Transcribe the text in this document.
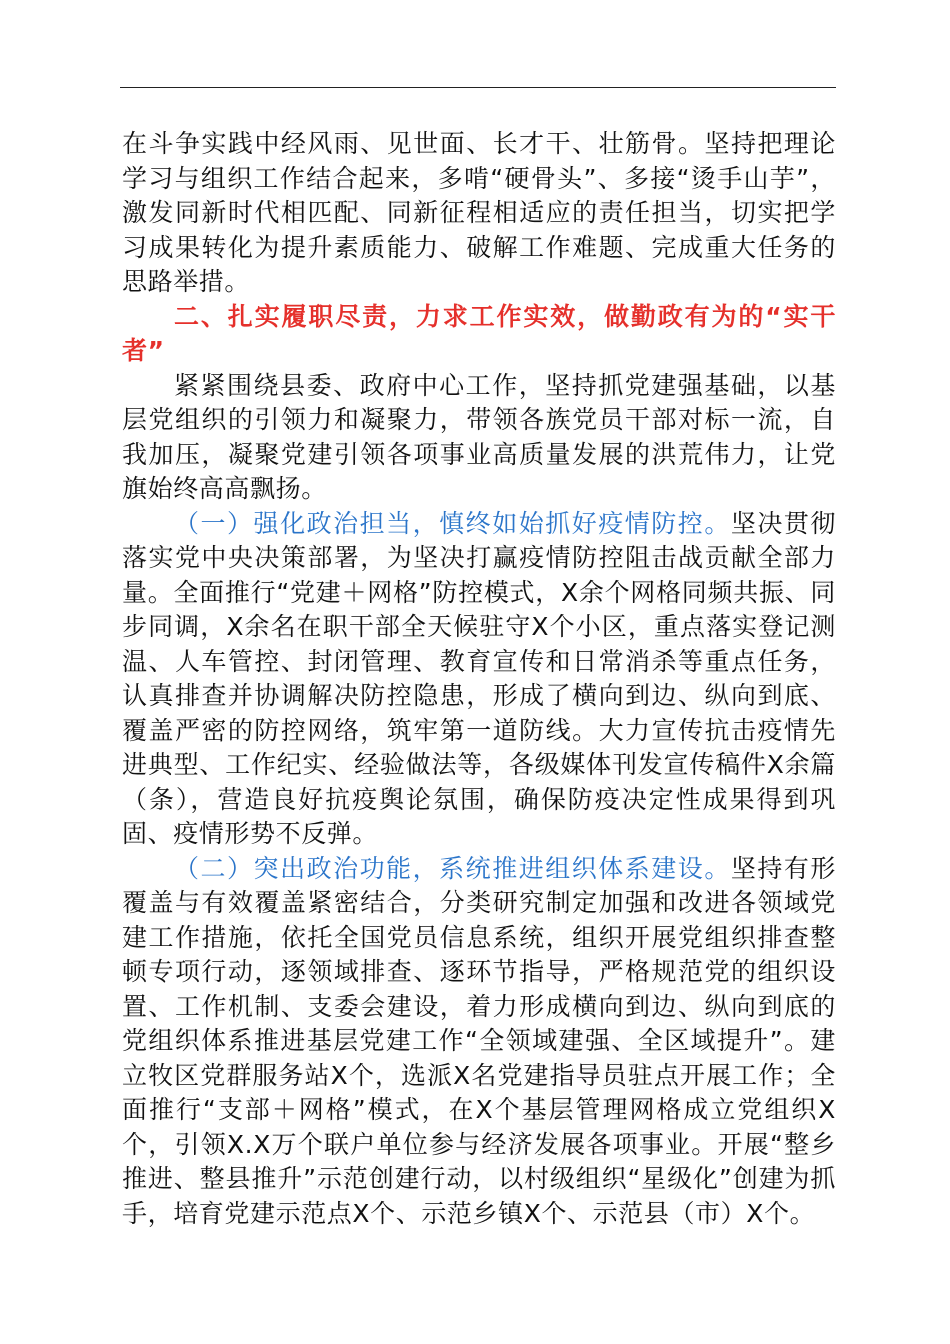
在斗争实践中经风雨、见世面、长才干、壮筋骨。坚持把理论学习与组织工作结合起来，多啃“硬骨头”、多接“烫手山芋”，激发同新时代相匹配、同新征程相适应的责任担当，切实把学习成果转化为提升素质能力、破解工作难题、完成重大任务的思路举措。

二、扎实履职尽责，力求工作实效，做勤政有为的“实干者”

紧紧围绕县委、政府中心工作，坚持抓党建强基础，以基层党组织的引领力和凝聚力，带领各族党员干部对标一流，自我加压，凝聚党建引领各项事业高质量发展的洪荒伟力，让党旗始终高高飘扬。

（一）强化政治担当，慎终如始抓好疫情防控。坚决贯彻落实党中央决策部署，为坚决打赢疫情防控阻击战贡献全部力量。全面推行“党建＋网格”防控模式，X余个网格同频共振、同步同调，X余名在职干部全天候驻守X个小区，重点落实登记测温、人车管控、封闭管理、教育宣传和日常消杀等重点任务，认真排查并协调解决防控隐患，形成了横向到边、纵向到底、覆盖严密的防控网络，筑牢第一道防线。大力宣传抗击疫情先进典型、工作纪实、经验做法等，各级媒体刊发宣传稿件X余篇（条），营造良好抗疫舆论氛围，确保防疫决定性成果得到巩固、疫情形势不反弹。

（二）突出政治功能，系统推进组织体系建设。坚持有形覆盖与有效覆盖紧密结合，分类研究制定加强和改进各领域党建工作措施，依托全国党员信息系统，组织开展党组织排查整顿专项行动，逐领域排查、逐环节指导，严格规范党的组织设置、工作机制、支委会建设，着力形成横向到边、纵向到底的党组织体系推进基层党建工作“全领域建强、全区域提升”。建立牧区党群服务站X个，选派X名党建指导员驻点开展工作；全面推行“支部＋网格”模式，在X个基层管理网格成立党组织X个，引领X.X万个联户单位参与经济发展各项事业。开展“整乡推进、整县推升”示范创建行动，以村级组织“星级化”创建为抓手，培育党建示范点X个、示范乡镇X个、示范县（市）X个。
